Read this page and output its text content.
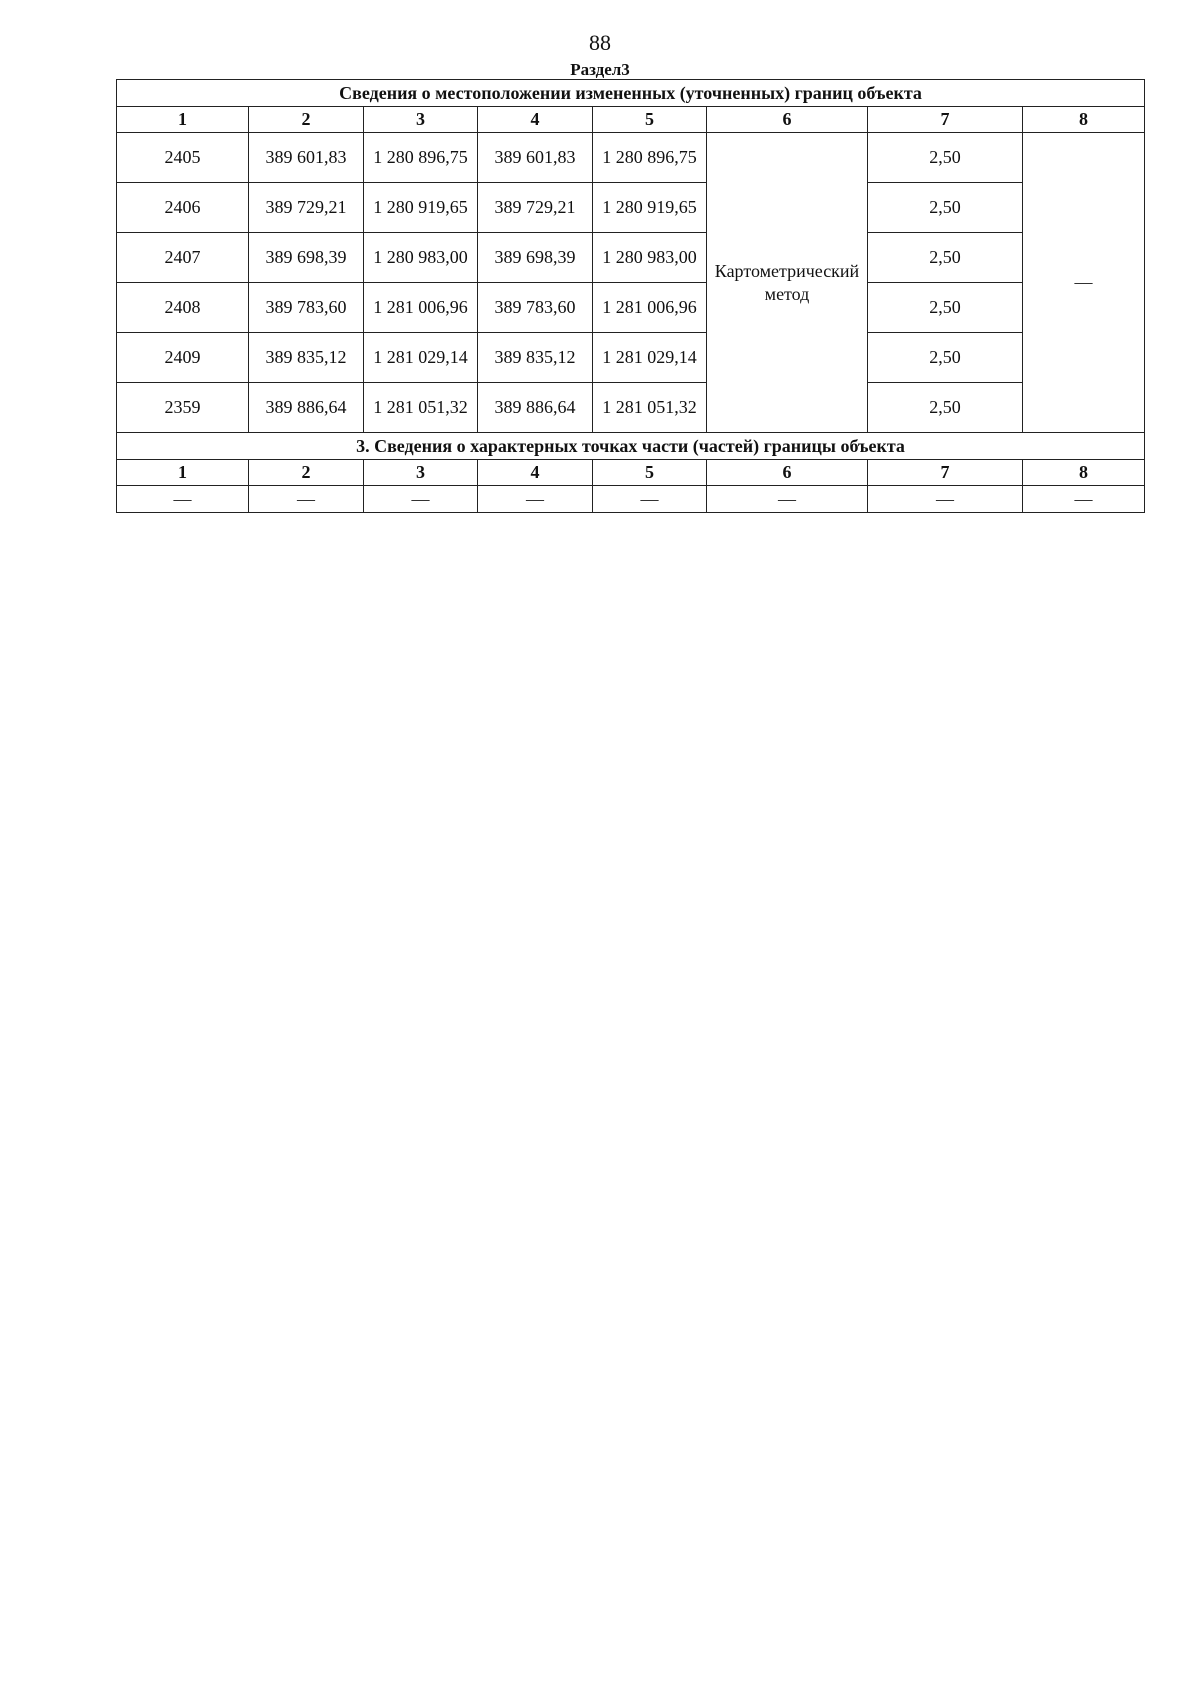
88
Раздел3
Сведения о местоположении измененных (уточненных) границ объекта							
1	2	3	4	5	6	7	8
2405	389 601,83	1 280 896,75	389 601,83	1 280 896,75	Картометрический метод	2,50	—
2406	389 729,21	1 280 919,65	389 729,21	1 280 919,65		2,50	
2407	389 698,39	1 280 983,00	389 698,39	1 280 983,00		2,50	
2408	389 783,60	1 281 006,96	389 783,60	1 281 006,96		2,50	
2409	389 835,12	1 281 029,14	389 835,12	1 281 029,14		2,50	
2359	389 886,64	1 281 051,32	389 886,64	1 281 051,32		2,50	
3. Сведения о характерных точках части (частей) границы объекта							
1	2	3	4	5	6	7	8
—	—	—	—	—	—	—	—
